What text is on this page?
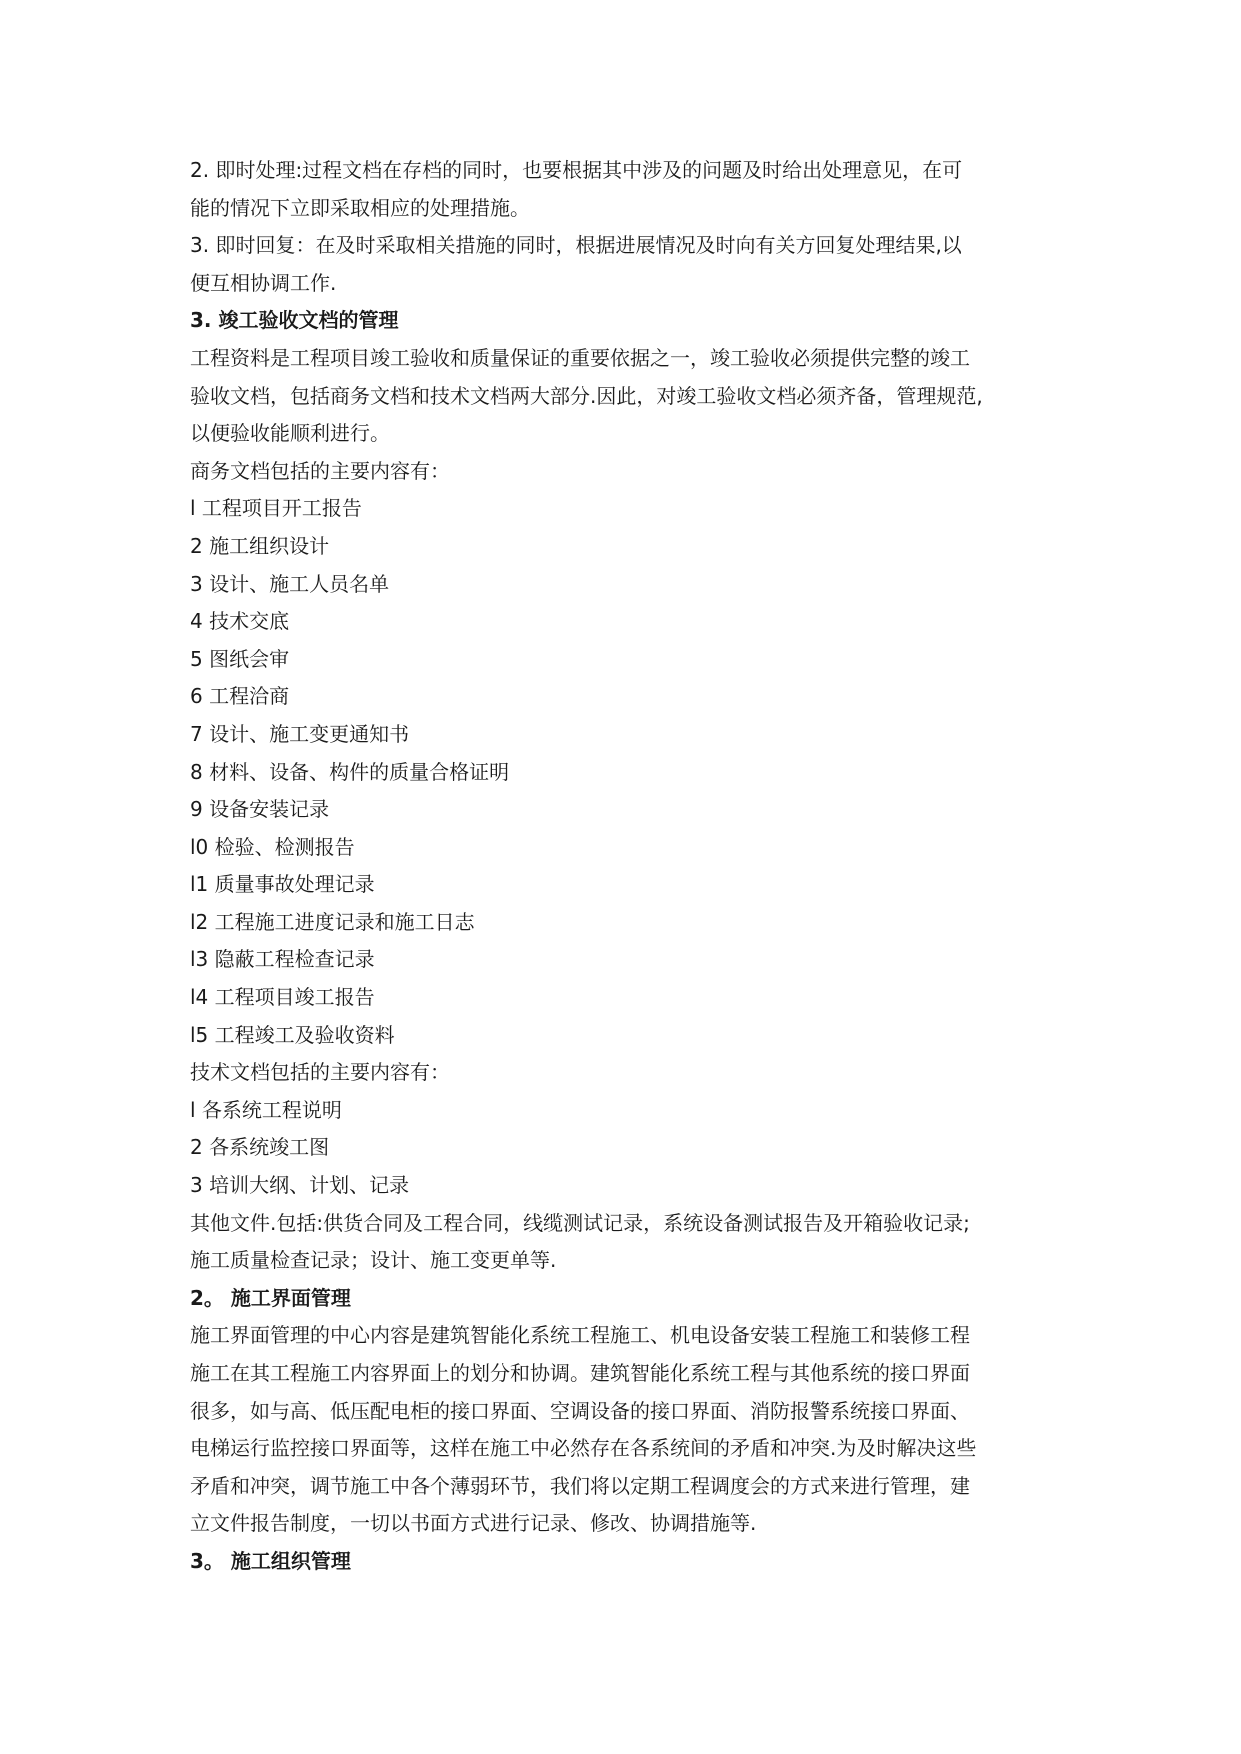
2. 即时处理:过程文档在存档的同时，也要根据其中涉及的问题及时给出处理意见，在可

能的情况下立即采取相应的处理措施。

3. 即时回复：在及时采取相关措施的同时，根据进展情况及时向有关方回复处理结果,以

便互相协调工作.

3. 竣工验收文档的管理

工程资料是工程项目竣工验收和质量保证的重要依据之一，竣工验收必须提供完整的竣工

验收文档，包括商务文档和技术文档两大部分.因此，对竣工验收文档必须齐备，管理规范,

以便验收能顺利进行。

商务文档包括的主要内容有：

l 工程项目开工报告

2 施工组织设计

3 设计、施工人员名单

4 技术交底

5 图纸会审

6 工程洽商

7 设计、施工变更通知书

8 材料、设备、构件的质量合格证明

9 设备安装记录

l0 检验、检测报告

l1 质量事故处理记录

l2 工程施工进度记录和施工日志

l3 隐蔽工程检查记录

l4 工程项目竣工报告

l5 工程竣工及验收资料

技术文档包括的主要内容有：

l 各系统工程说明

2 各系统竣工图

3 培训大纲、计划、记录

其他文件.包括:供货合同及工程合同，线缆测试记录，系统设备测试报告及开箱验收记录;

施工质量检查记录；设计、施工变更单等.

2。 施工界面管理

施工界面管理的中心内容是建筑智能化系统工程施工、机电设备安装工程施工和装修工程

施工在其工程施工内容界面上的划分和协调。建筑智能化系统工程与其他系统的接口界面

很多，如与高、低压配电柜的接口界面、空调设备的接口界面、消防报警系统接口界面、

电梯运行监控接口界面等，这样在施工中必然存在各系统间的矛盾和冲突.为及时解决这些

矛盾和冲突，调节施工中各个薄弱环节，我们将以定期工程调度会的方式来进行管理，建

立文件报告制度，一切以书面方式进行记录、修改、协调措施等.

3。 施工组织管理
